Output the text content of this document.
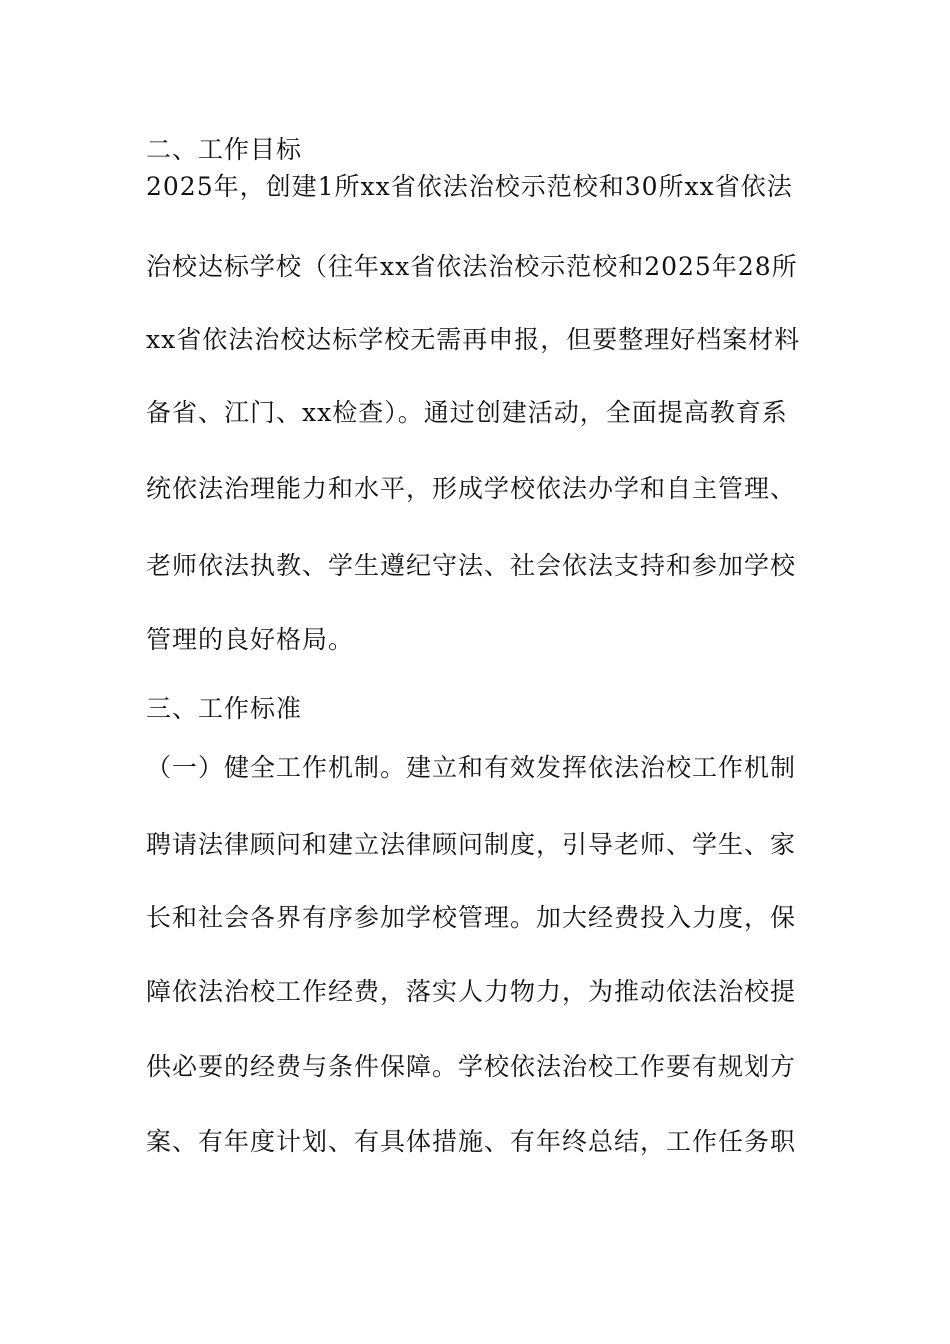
二、工作目标
2025年，创建1所xx省依法治校示范校和30所xx省依法
治校达标学校（往年xx省依法治校示范校和2025年28所
xx省依法治校达标学校无需再申报，但要整理好档案材料
备省、江门、xx检查）。通过创建活动，全面提高教育系
统依法治理能力和水平，形成学校依法办学和自主管理、
老师依法执教、学生遵纪守法、社会依法支持和参加学校
管理的良好格局。
三、工作标准
（一）健全工作机制。建立和有效发挥依法治校工作机制
聘请法律顾问和建立法律顾问制度，引导老师、学生、家
长和社会各界有序参加学校管理。加大经费投入力度，保
障依法治校工作经费，落实人力物力，为推动依法治校提
供必要的经费与条件保障。学校依法治校工作要有规划方
案、有年度计划、有具体措施、有年终总结，工作任务职
